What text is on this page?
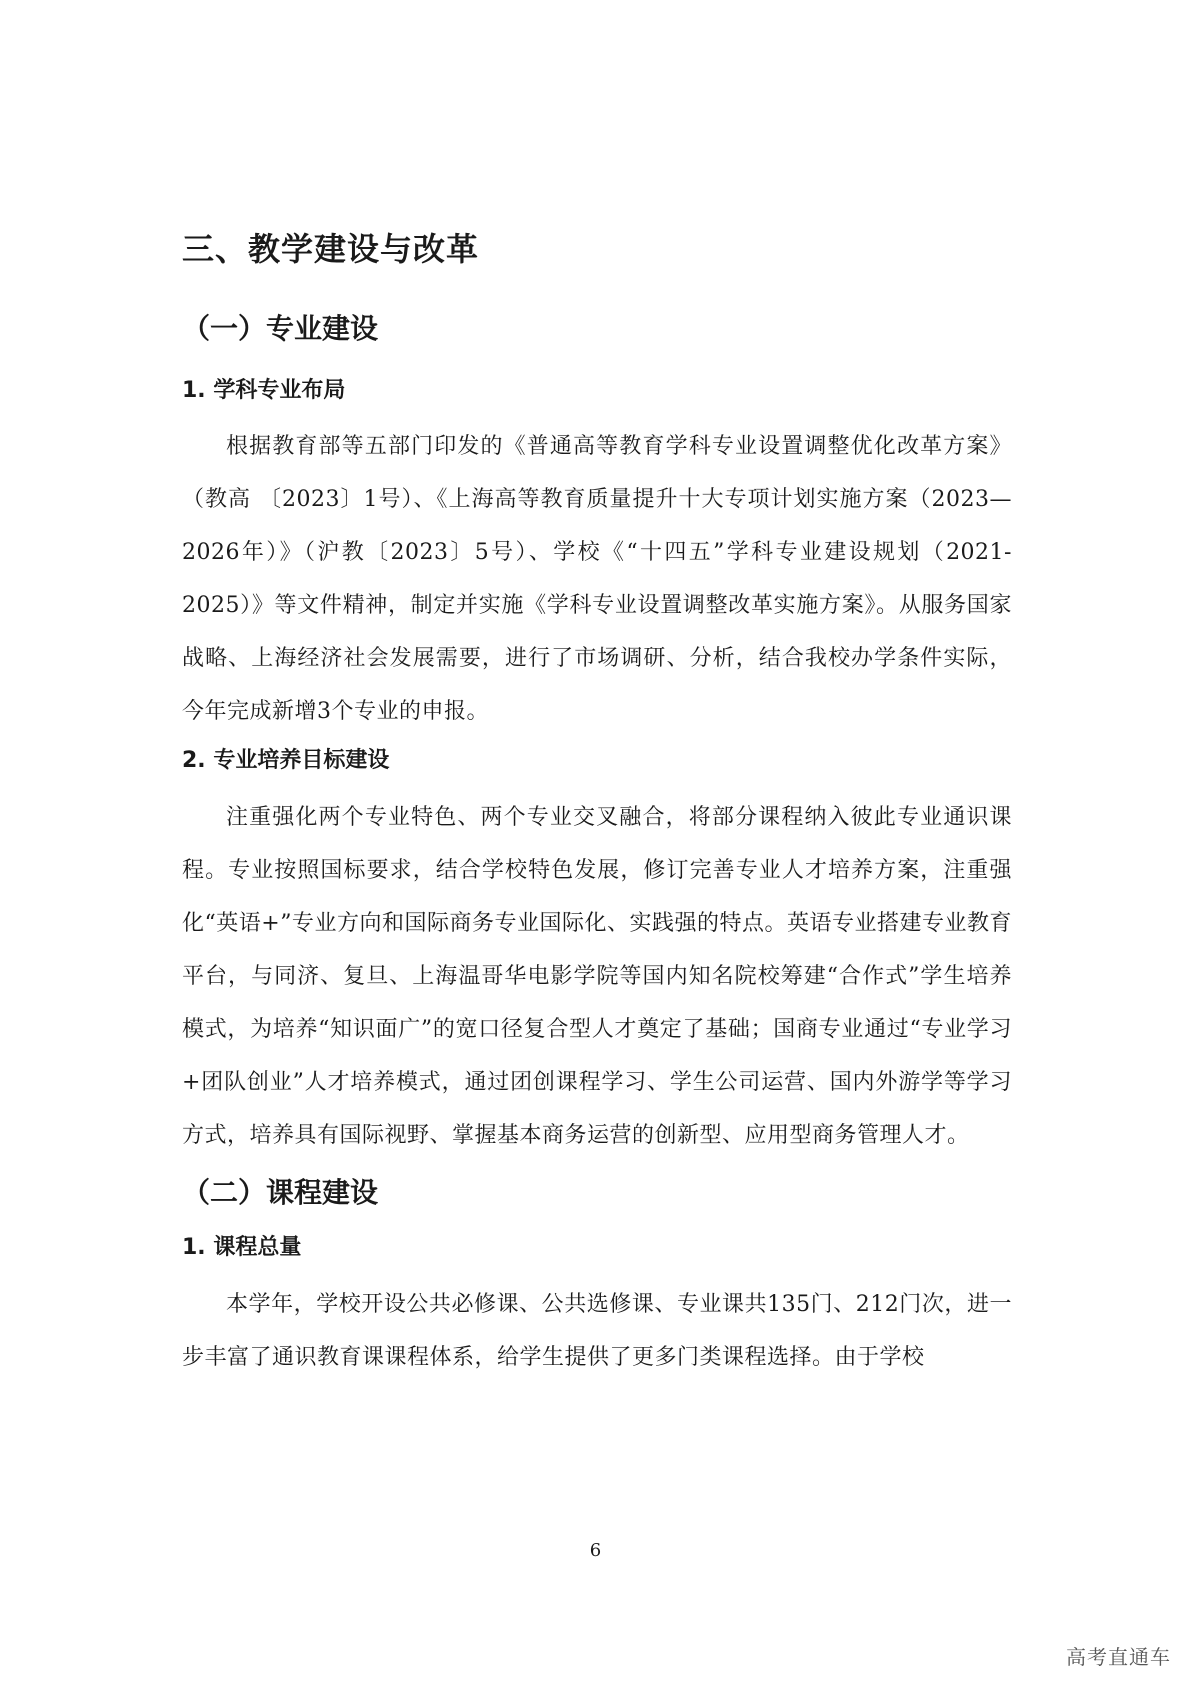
三、教学建设与改革
（一）专业建设
1. 学科专业布局

根据教育部等五部门印发的《普通高等教育学科专业设置调整优化改革方案》（教高 〔2023〕1号）、《上海高等教育质量提升十大专项计划实施方案（2023—2026年）》（沪教〔2023〕5号）、学校《“十四五”学科专业建设规划（2021-2025）》等文件精神，制定并实施《学科专业设置调整改革实施方案》。从服务国家战略、上海经济社会发展需要，进行了市场调研、分析，结合我校办学条件实际，今年完成新增3个专业的申报。

2. 专业培养目标建设

注重强化两个专业特色、两个专业交叉融合，将部分课程纳入彼此专业通识课程。专业按照国标要求，结合学校特色发展，修订完善专业人才培养方案，注重强化“英语+”专业方向和国际商务专业国际化、实践强的特点。英语专业搭建专业教育平台，与同济、复旦、上海温哥华电影学院等国内知名院校筹建“合作式”学生培养模式，为培养“知识面广”的宽口径复合型人才奠定了基础；国商专业通过“专业学习+团队创业”人才培养模式，通过团创课程学习、学生公司运营、国内外游学等学习方式，培养具有国际视野、掌握基本商务运营的创新型、应用型商务管理人才。

（二）课程建设
1. 课程总量

本学年，学校开设公共必修课、公共选修课、专业课共135门、212门次，进一步丰富了通识教育课课程体系，给学生提供了更多门类课程选择。由于学校

6
高考直通车
